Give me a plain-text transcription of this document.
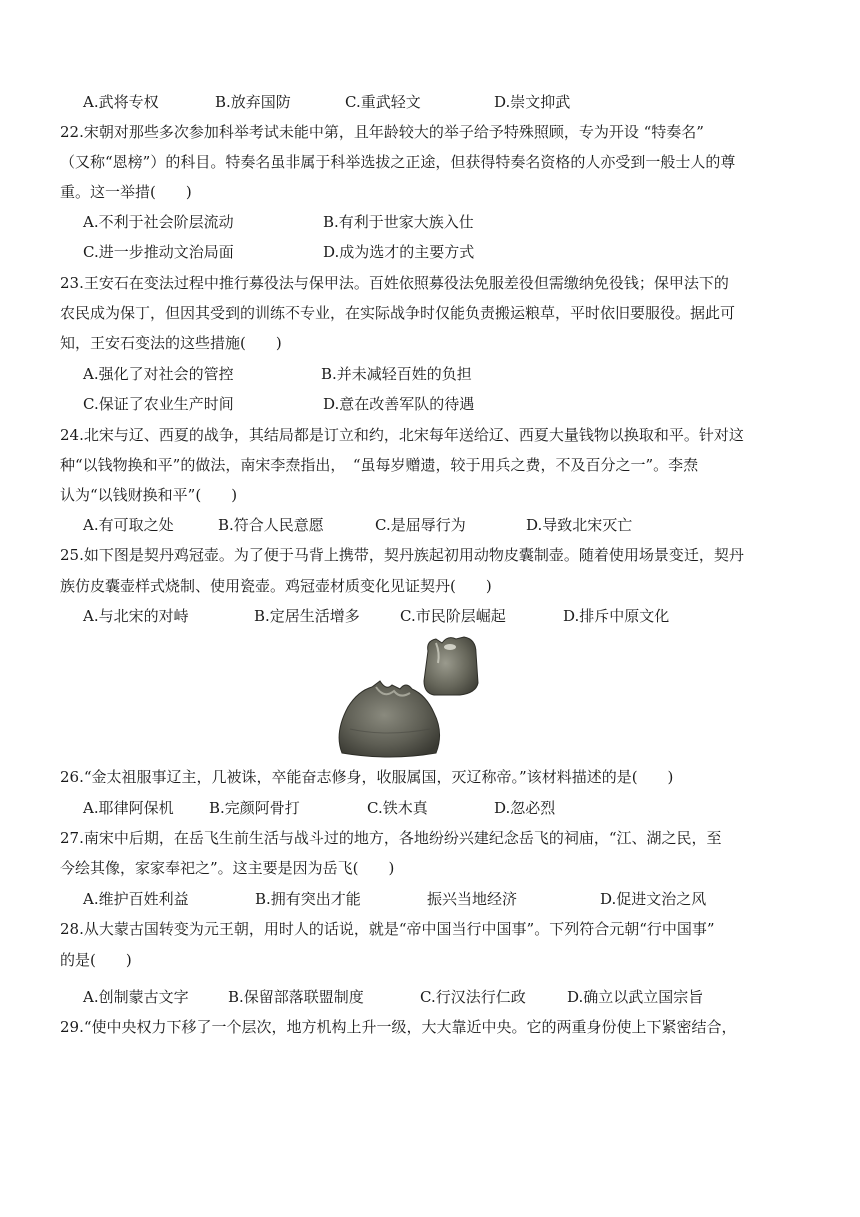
A.武将专权	B.放弃国防	C.重武轻文	D.崇文抑武
22.宋朝对那些多次参加科举考试未能中第，且年龄较大的举子给予特殊照顾，专为开设 “特奏名”
（又称“恩榜”）的科目。特奏名虽非属于科举选拔之正途，但获得特奏名资格的人亦受到一般士人的尊
重。这一举措(　　)
A.不利于社会阶层流动	B.有利于世家大族入仕
C.进一步推动文治局面	D.成为选才的主要方式
23.王安石在变法过程中推行募役法与保甲法。百姓依照募役法免服差役但需缴纳免役钱；保甲法下的
农民成为保丁，但因其受到的训练不专业，在实际战争时仅能负责搬运粮草，平时依旧要服役。据此可
知，王安石变法的这些措施(　　)
A.强化了对社会的管控	B.并未减轻百姓的负担
C.保证了农业生产时间	D.意在改善军队的待遇
24.北宋与辽、西夏的战争，其结局都是订立和约，北宋每年送给辽、西夏大量钱物以换取和平。针对这
种“以钱物换和平”的做法，南宋李焘指出，　“虽每岁赠遗，较于用兵之费，不及百分之一”。李焘
认为“以钱财换和平”(　　)
A.有可取之处	B.符合人民意愿	C.是屈辱行为	D.导致北宋灭亡
25.如下图是契丹鸡冠壶。为了便于马背上携带，契丹族起初用动物皮囊制壶。随着使用场景变迁，契丹
族仿皮囊壶样式烧制、使用瓷壶。鸡冠壶材质变化见证契丹(　　)
A.与北宋的对峙	B.定居生活增多	C.市民阶层崛起	D.排斥中原文化
26.“金太祖服事辽主，几被诛，卒能奋志修身，收服属国，灭辽称帝。”该材料描述的是(　　)
A.耶律阿保机 B.完颜阿骨打	C.铁木真	D.忽必烈
27.南宋中后期，在岳飞生前生活与战斗过的地方，各地纷纷兴建纪念岳飞的祠庙，“江、湖之民，至
今绘其像，家家奉祀之”。这主要是因为岳飞(　　)
A.维护百姓利益	B.拥有突出才能	振兴当地经济	D.促进文治之风
28.从大蒙古国转变为元王朝，用时人的话说，就是“帝中国当行中国事”。下列符合元朝“行中国事”
的是(　　)
A.创制蒙古文字	B.保留部落联盟制度	C.行汉法行仁政	D.确立以武立国宗旨
29.“使中央权力下移了一个层次，地方机构上升一级，大大靠近中央。它的两重身份使上下紧密结合，
